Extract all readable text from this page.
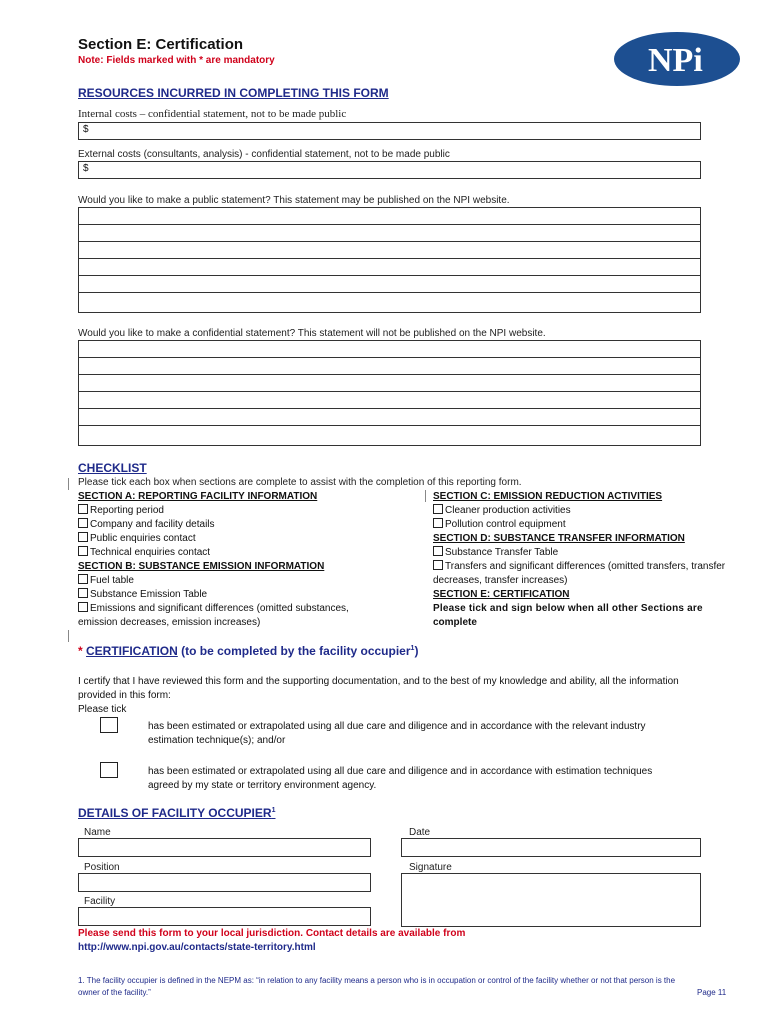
Section E: Certification
Note: Fields marked with * are mandatory	NPi
RESOURCES INCURRED IN COMPLETING THIS FORM
Internal costs – confidential statement, not to be made public
$
External costs (consultants, analysis) - confidential statement, not to be made public
$
Would you like to make a public statement? This statement may be published on the NPI website.
Would you like to make a confidential statement? This statement will not be published on the NPI website.
CHECKLIST
Please tick each box when sections are complete to assist with the completion of this reporting form.
SECTION A: REPORTING FACILITY INFORMATION
Reporting period
Company and facility details
Public enquiries contact
Technical enquiries contact
SECTION B: SUBSTANCE EMISSION INFORMATION
Fuel table
Substance Emission Table
Emissions and significant differences (omitted substances,
emission decreases, emission increases)
SECTION C: EMISSION REDUCTION ACTIVITIES
Cleaner production activities
Pollution control equipment
SECTION D: SUBSTANCE TRANSFER INFORMATION
Substance Transfer Table
Transfers and significant differences (omitted transfers, transfer
decreases, transfer increases)
SECTION E: CERTIFICATION
Please tick and sign below when all other Sections are
complete
* CERTIFICATION (to be completed by the facility occupier$^1$)
I certify that I have reviewed this form and the supporting documentation, and to the best of my knowledge and ability, all the information
provided in this form:
Please tick
has been estimated or extrapolated using all due care and diligence and in accordance with the relevant industry
estimation technique(s); and/or
has been estimated or extrapolated using all due care and diligence and in accordance with estimation techniques
agreed by my state or territory environment agency.
DETAILS OF FACILITY OCCUPIER$^1$
Name	Date
Position	Signature
Facility
Please send this form to your local jurisdiction. Contact details are available from
http://www.npi.gov.au/contacts/state-territory.html
1. The facility occupier is defined in the NEPM as: “in relation to any facility means a person who is in occupation or control of the facility whether or not that person is the
owner of the facility.”	Page 11
